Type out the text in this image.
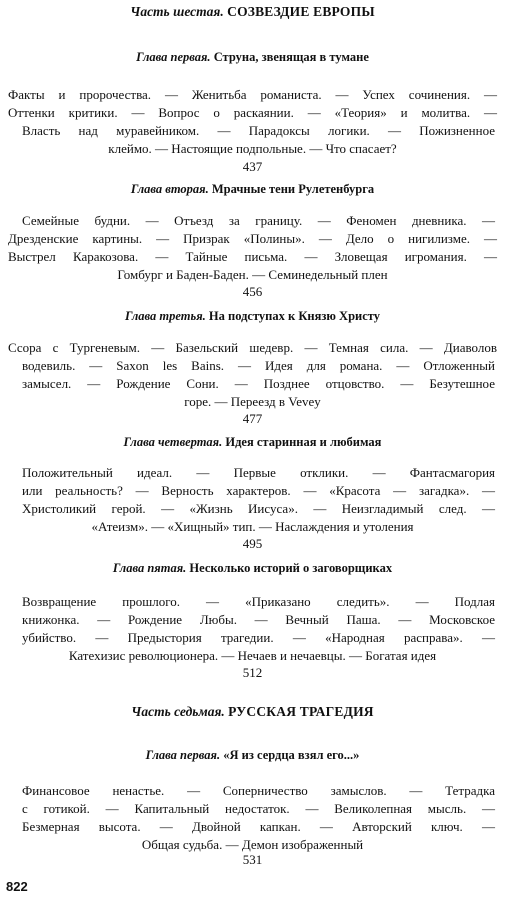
Часть шестая. СОЗВЕЗДИЕ ЕВРОПЫ
Глава первая. Струна, звенящая в тумане
Факты и пророчества. — Женитьба романиста. — Успех сочинения. —
Оттенки критики. — Вопрос о раскаянии. — «Теория» и молитва. —
Власть над муравейником. — Парадоксы логики. — Пожизненное
клеймо. — Настоящие подпольные. — Что спасает?
437
Глава вторая. Мрачные тени Рулетенбурга
Семейные будни. — Отъезд за границу. — Феномен дневника. —
Дрезденские картины. — Призрак «Полины». — Дело о нигилизме. —
Выстрел Каракозова. — Тайные письма. — Зловещая игромания. —
Гомбург и Баден-Баден. — Семинедельный плен
456
Глава третья. На подступах к Князю Христу
Ссора с Тургеневым. — Базельский шедевр. — Темная сила. — Диаволов
водевиль. — Saxon les Bains. — Идея для романа. — Отложенный
замысел. — Рождение Сони. — Позднее отцовство. — Безутешное
горе. — Переезд в Vevey
477
Глава четвертая. Идея старинная и любимая
Положительный идеал. — Первые отклики. — Фантасмагория
или реальность? — Верность характеров. — «Красота — загадка». —
Христоликий герой. — «Жизнь Иисуса». — Неизгладимый след. —
«Атеизм». — «Хищный» тип. — Наслаждения и утоления
495
Глава пятая. Несколько историй о заговорщиках
Возвращение прошлого. — «Приказано следить». — Подлая
книжонка. — Рождение Любы. — Вечный Паша. — Московское
убийство. — Предыстория трагедии. — «Народная расправа». —
Катехизис революционера. — Нечаев и нечаевцы. — Богатая идея
512
Часть седьмая. РУССКАЯ ТРАГЕДИЯ
Глава первая. «Я из сердца взял его...»
Финансовое ненастье. — Соперничество замыслов. — Тетрадка
с готикой. — Капитальный недостаток. — Великолепная мысль. —
Безмерная высота. — Двойной капкан. — Авторский ключ. —
Общая судьба. — Демон изображенный
531
822
